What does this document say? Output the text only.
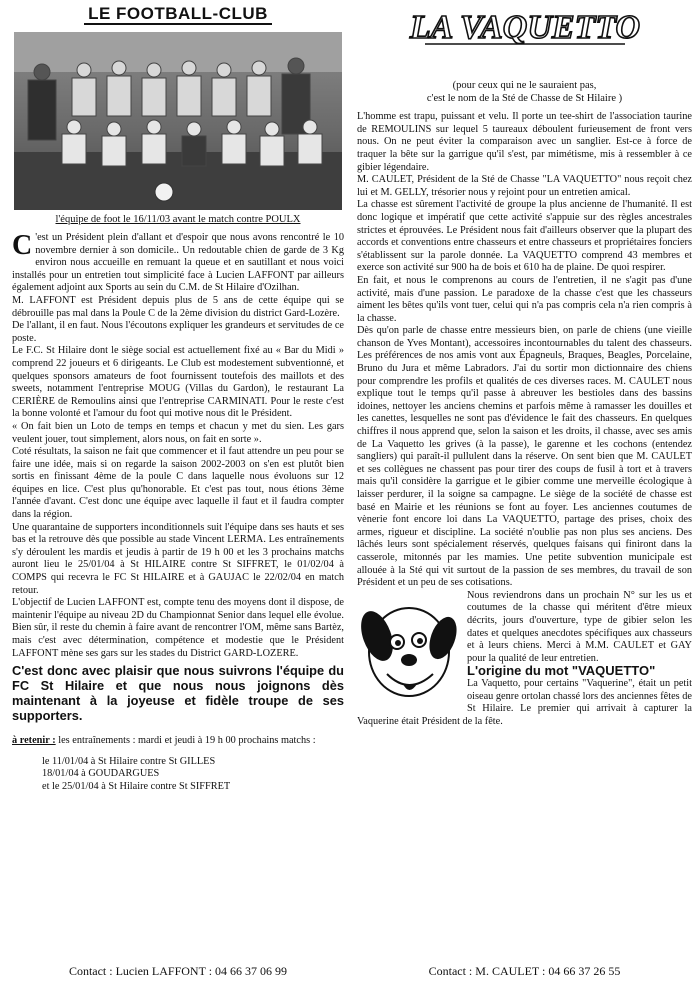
LE FOOTBALL-CLUB
l'équipe de foot le 16/11/03 avant le match contre POULX

C 'est un Président plein d'allant et d'espoir que nous avons rencontré le 10 novembre dernier à son domicile.. Un redoutable chien de garde de 3 Kg environ nous accueille en remuant la queue et en sautillant et nous voici installés pour un entretien tout simplicité face à Lucien LAFFONT par ailleurs également adjoint aux Sports au sein du C.M. de St Hilaire d'Ozilhan.

M. LAFFONT est Président depuis plus de 5 ans de cette équipe qui se débrouille pas mal dans la Poule C de la 2ème division du district Gard-Lozère.

De l'allant, il en faut. Nous l'écoutons expliquer les grandeurs et servitudes de ce poste.

Le F.C. St Hilaire dont le siège social est actuellement fixé au « Bar du Midi » comprend 22 joueurs et 6 dirigeants. Le Club est modestement subventionné, et quelques sponsors amateurs de foot fournissent toutefois des maillots et des sweets, notamment l'entreprise MOUG (Villas du Gardon), le restaurant La CERIÈRE de Remoulins ainsi que l'entreprise CARMINATI. Pour le reste c'est la bonne volonté et l'amour du foot qui motive nous dit le Président.

« On fait bien un Loto de temps en temps et chacun y met du sien. Les gars veulent jouer, tout simplement, alors nous, on fait en sorte ».

Coté résultats, la saison ne fait que commencer et il faut attendre un peu pour se faire une idée, mais si on regarde la saison 2002-2003 on s'en est plutôt bien sortis en finissant 4ème de la poule C dans laquelle nous évoluons sur 12 équipes en lice. C'est plus qu'honorable. Et c'est pas tout, nous étions 3ème l'année d'avant. C'est donc une équipe avec laquelle il faut et il faudra compter dans la région.

Une quarantaine de supporters inconditionnels suit l'équipe dans ses hauts et ses bas et la retrouve dès que possible au stade Vincent LERMA. Les entraînements s'y déroulent les mardis et jeudis à partir de 19 h 00 et les 3 prochains matchs auront lieu le 25/01/04 à St HILAIRE contre St SIFFRET, le 01/02/04 à COMPS qui recevra le FC St HILAIRE et à GAUJAC le 22/02/04 en match retour.

L'objectif de Lucien LAFFONT est, compte tenu des moyens dont il dispose, de maintenir l'équipe au niveau 2D du Championnat Senior dans lequel elle évolue. Bien sûr, il reste du chemin à faire avant de rencontrer l'OM, même sans Bartèz, mais c'est avec détermination, compétence et modestie que le Président LAFFONT mène ses gars sur les stades du District GARD-LOZERE.

C'est donc avec plaisir que nous suivrons l'équipe du FC St Hilaire et que nous nous joignons dès maintenant à la joyeuse et fidèle troupe de ses supporters.

à retenir : les entraînements : mardi et jeudi à 19 h 00 prochains matchs :

le 11/01/04 à St Hilaire contre St GILLES
18/01/04 à GOUDARGUES
et le 25/01/04 à St Hilaire contre St SIFFRET
Contact : Lucien LAFFONT : 04 66 37 06 99
LA VAQUETTO
(pour ceux qui ne le sauraient pas,
c'est le nom de la Sté de Chasse de St Hilaire )

L'homme est trapu, puissant et velu. Il porte un tee-shirt de l'association taurine de REMOULINS sur lequel 5 taureaux déboulent furieusement de front vers nous. On ne peut éviter la comparaison avec un sanglier. Est-ce à force de traquer la bête sur la garrigue qu'il s'est, par mimétisme, mis à ressembler à ce gibier légendaire.

M. CAULET, Président de la Sté de Chasse "LA VAQUETTO" nous reçoit chez lui et M. GELLY, trésorier nous y rejoint pour un entretien amical.

La chasse est sûrement l'activité de groupe la plus ancienne de l'humanité. Il est donc logique et impératif que cette activité s'appuie sur des règles ancestrales strictes et éprouvées. Le Président nous fait d'ailleurs observer que la plupart des accords et conventions entre chasseurs et entre chasseurs et propriétaires fonciers s'établissent sur la parole donnée. La VAQUETTO comprend 43 membres et exerce son activité sur 900 ha de bois et 610 ha de plaine. De quoi respirer.

En fait, et nous le comprenons au cours de l'entretien, il ne s'agit pas d'une activité, mais d'une passion. Le paradoxe de la chasse c'est que les chasseurs aiment les bêtes qu'ils vont tuer, celui qui n'a pas compris cela n'a rien compris à la chasse.

Dès qu'on parle de chasse entre messieurs bien, on parle de chiens (une vieille chanson de Yves Montant), accessoires incontournables du talent des chasseurs. Les préférences de nos amis vont aux Épagneuls, Braques, Beagles, Porcelaine, Bruno du Jura et même Labradors. J'ai du sortir mon dictionnaire des chiens pour comprendre les profils et qualités de ces diverses races. M. CAULET nous explique tout le temps qu'il passe à abreuver les bestioles dans des bassins idoines, nettoyer les anciens chemins et parfois même à ramasser les douilles et les canettes, lesquelles ne sont pas d'évidence le fait des chasseurs. En quelques chiffres il nous apprend que, selon la saison et les droits, il chasse, avec ses amis de La Vaquetto les grives (à la passe), le garenne et les cochons (entendez sangliers) qui paraît-il pullulent dans la réserve. On sent bien que M. CAULET et ses collègues ne chassent pas pour tirer des coups de fusil à tort et à travers mais qu'il considère la garrigue et le gibier comme une merveille écologique à laisser perdurer, il la soigne sa campagne. Le siège de la société de chasse est basé en Mairie et les réunions se font au foyer. Les anciennes coutumes de vènerie font encore loi dans La VAQUETTO, partage des prises, choix des armes, rigueur et discipline. La société n'oublie pas non plus ses anciens. Des lâchés leurs sont spécialement réservés, quelques faisans qui finiront dans la casserole, mitonnés par les mamies. Une petite subvention municipale est allouée à la Sté qui vit surtout de la passion de ses membres, du travail de son Président et un peu de ses cotisations.

Nous reviendrons dans un prochain N° sur les us et coutumes de la chasse qui méritent d'être mieux décrits, jours d'ouverture, type de gibier selon les dates et quelques anecdotes spécifiques aux chasseurs et à leurs chiens. Merci à M.M. CAULET et GAY pour la qualité de leur entretien.

L'origine du mot "VAQUETTO"

La Vaquetto, pour certains "Vaquerine", était un petit oiseau genre ortolan chassé lors des anciennes fêtes de St Hilaire. Le premier qui arrivait à capturer la Vaquerine était Président de la fête.

Contact : M. CAULET : 04 66 37 26 55
